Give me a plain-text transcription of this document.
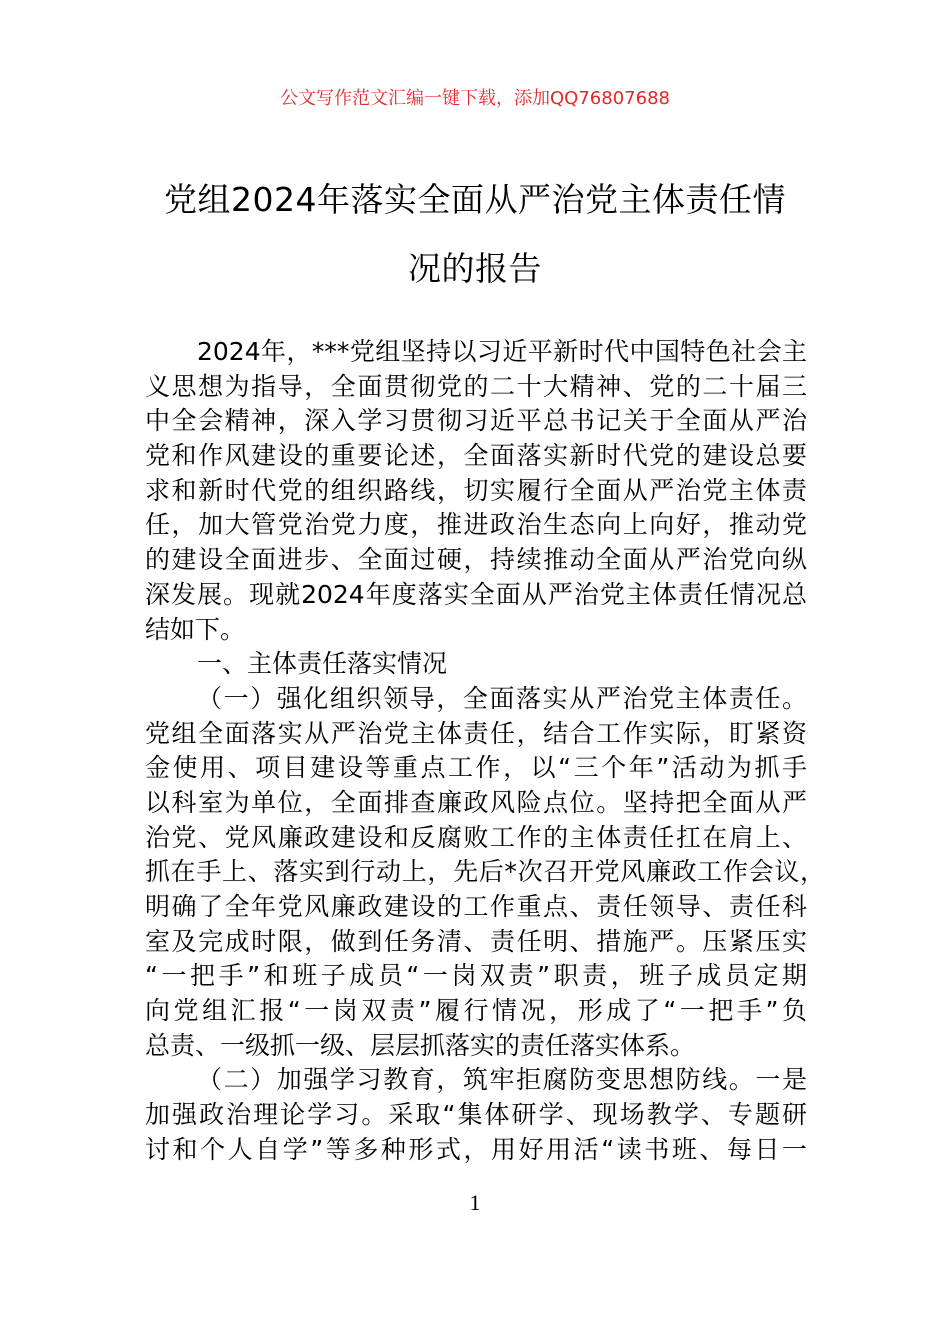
公文写作范文汇编一键下载，添加QQ76807688
党组2024年落实全面从严治党主体责任情
况的报告
2024年，***党组坚持以习近平新时代中国特色社会主
义思想为指导，全面贯彻党的二十大精神、党的二十届三
中全会精神，深入学习贯彻习近平总书记关于全面从严治
党和作风建设的重要论述，全面落实新时代党的建设总要
求和新时代党的组织路线，切实履行全面从严治党主体责
任，加大管党治党力度，推进政治生态向上向好，推动党
的建设全面进步、全面过硬，持续推动全面从严治党向纵
深发展。现就2024年度落实全面从严治党主体责任情况总
结如下。
一、主体责任落实情况
（一）强化组织领导，全面落实从严治党主体责任。
党组全面落实从严治党主体责任，结合工作实际，盯紧资
金使用、项目建设等重点工作，以“三个年”活动为抓手
以科室为单位，全面排查廉政风险点位。坚持把全面从严
治党、党风廉政建设和反腐败工作的主体责任扛在肩上、
抓在手上、落实到行动上，先后*次召开党风廉政工作会议，
明确了全年党风廉政建设的工作重点、责任领导、责任科
室及完成时限，做到任务清、责任明、措施严。压紧压实
“一把手”和班子成员“一岗双责”职责，班子成员定期
向党组汇报“一岗双责”履行情况，形成了“一把手”负
总责、一级抓一级、层层抓落实的责任落实体系。
（二）加强学习教育，筑牢拒腐防变思想防线。一是
加强政治理论学习。采取“集体研学、现场教学、专题研
讨和个人自学”等多种形式，用好用活“读书班、每日一
1
